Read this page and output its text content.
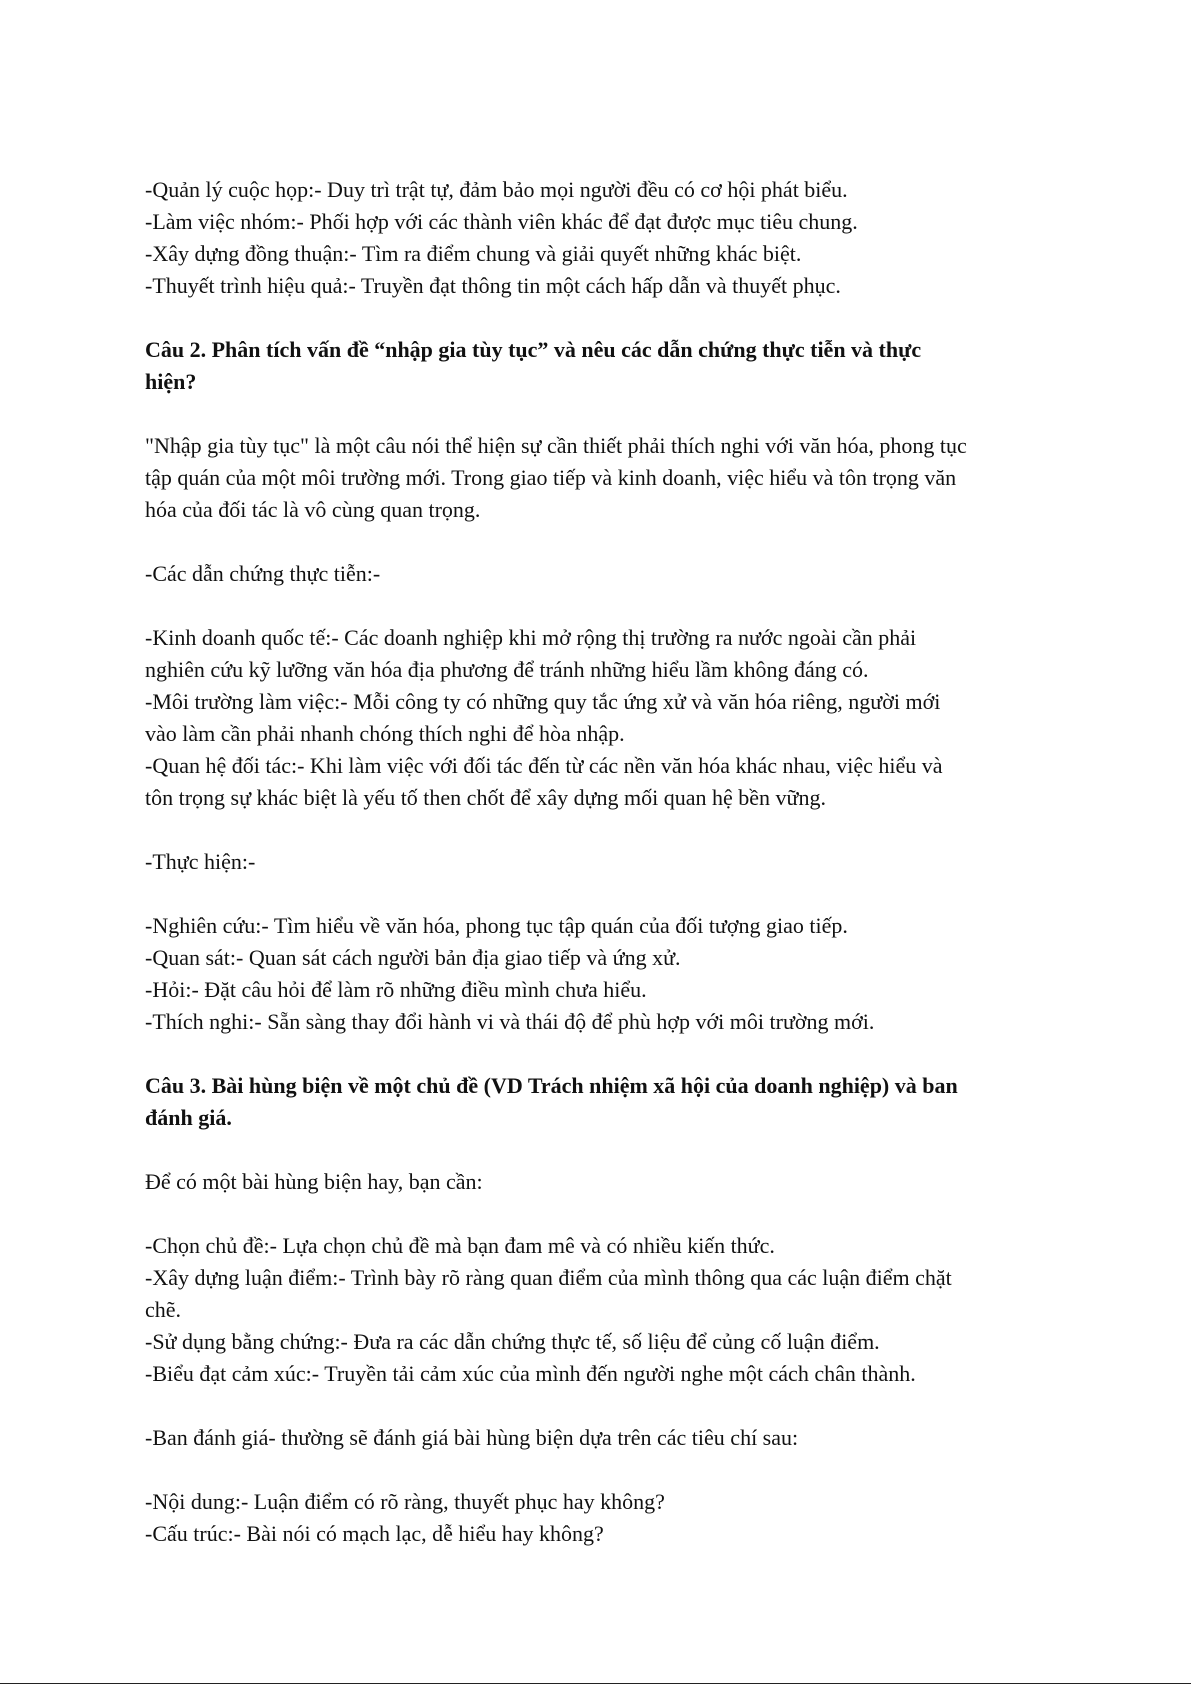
-Quản lý cuộc họp:- Duy trì trật tự, đảm bảo mọi người đều có cơ hội phát biểu.
-Làm việc nhóm:- Phối hợp với các thành viên khác để đạt được mục tiêu chung.
-Xây dựng đồng thuận:- Tìm ra điểm chung và giải quyết những khác biệt.
-Thuyết trình hiệu quả:- Truyền đạt thông tin một cách hấp dẫn và thuyết phục.
Câu 2. Phân tích vấn đề “nhập gia tùy tục” và nêu các dẫn chứng thực tiễn và thực
hiện?
"Nhập gia tùy tục" là một câu nói thể hiện sự cần thiết phải thích nghi với văn hóa, phong tục
tập quán của một môi trường mới. Trong giao tiếp và kinh doanh, việc hiểu và tôn trọng văn
hóa của đối tác là vô cùng quan trọng.
-Các dẫn chứng thực tiễn:-
-Kinh doanh quốc tế:- Các doanh nghiệp khi mở rộng thị trường ra nước ngoài cần phải
nghiên cứu kỹ lưỡng văn hóa địa phương để tránh những hiểu lầm không đáng có.
-Môi trường làm việc:- Mỗi công ty có những quy tắc ứng xử và văn hóa riêng, người mới
vào làm cần phải nhanh chóng thích nghi để hòa nhập.
-Quan hệ đối tác:- Khi làm việc với đối tác đến từ các nền văn hóa khác nhau, việc hiểu và
tôn trọng sự khác biệt là yếu tố then chốt để xây dựng mối quan hệ bền vững.
-Thực hiện:-
-Nghiên cứu:- Tìm hiểu về văn hóa, phong tục tập quán của đối tượng giao tiếp.
-Quan sát:- Quan sát cách người bản địa giao tiếp và ứng xử.
-Hỏi:- Đặt câu hỏi để làm rõ những điều mình chưa hiểu.
-Thích nghi:- Sẵn sàng thay đổi hành vi và thái độ để phù hợp với môi trường mới.
Câu 3. Bài hùng biện về một chủ đề (VD Trách nhiệm xã hội của doanh nghiệp) và ban
đánh giá.
Để có một bài hùng biện hay, bạn cần:
-Chọn chủ đề:- Lựa chọn chủ đề mà bạn đam mê và có nhiều kiến thức.
-Xây dựng luận điểm:- Trình bày rõ ràng quan điểm của mình thông qua các luận điểm chặt
chẽ.
-Sử dụng bằng chứng:- Đưa ra các dẫn chứng thực tế, số liệu để củng cố luận điểm.
-Biểu đạt cảm xúc:- Truyền tải cảm xúc của mình đến người nghe một cách chân thành.
-Ban đánh giá- thường sẽ đánh giá bài hùng biện dựa trên các tiêu chí sau:
-Nội dung:- Luận điểm có rõ ràng, thuyết phục hay không?
-Cấu trúc:- Bài nói có mạch lạc, dễ hiểu hay không?
